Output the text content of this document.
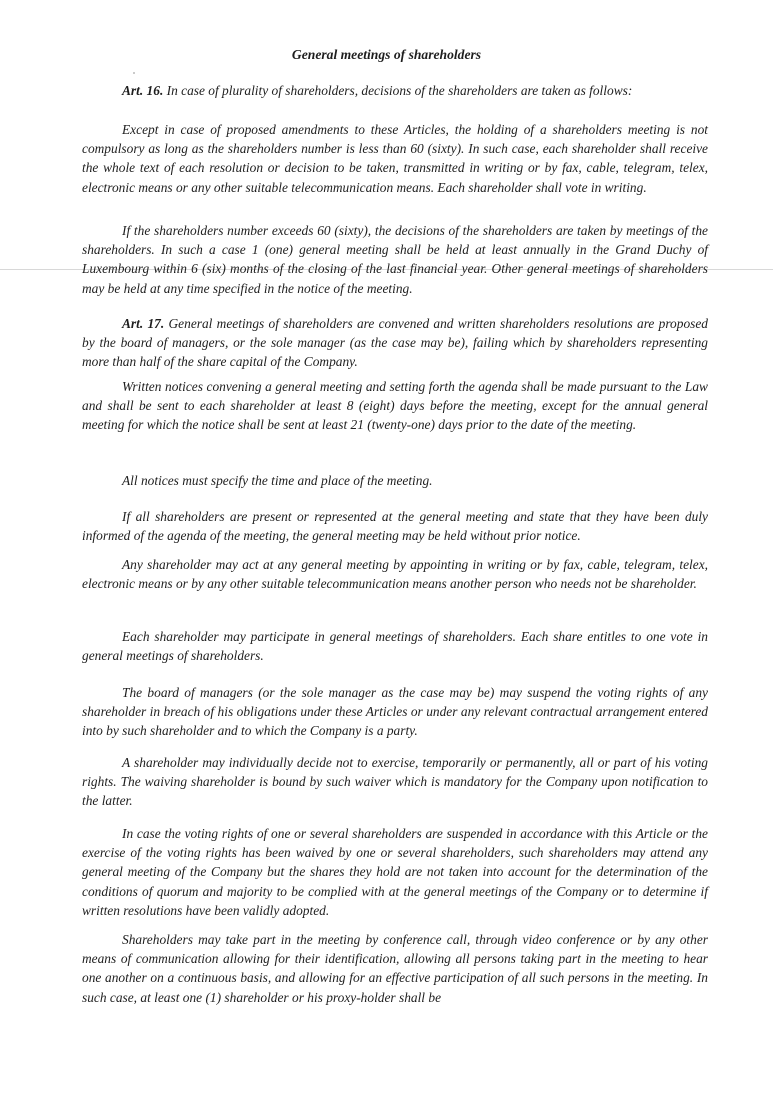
General meetings of shareholders

Art. 16. In case of plurality of shareholders, decisions of the shareholders are taken as follows:

Except in case of proposed amendments to these Articles, the holding of a shareholders meeting is not compulsory as long as the shareholders number is less than 60 (sixty). In such case, each shareholder shall receive the whole text of each resolution or decision to be taken, transmitted in writing or by fax, cable, telegram, telex, electronic means or any other suitable telecommunication means. Each shareholder shall vote in writing.

If the shareholders number exceeds 60 (sixty), the decisions of the shareholders are taken by meetings of the shareholders. In such a case 1 (one) general meeting shall be held at least annually in the Grand Duchy of Luxembourg within 6 (six) months of the closing of the last financial year. Other general meetings of shareholders may be held at any time specified in the notice of the meeting.

Art. 17. General meetings of shareholders are convened and written shareholders resolutions are proposed by the board of managers, or the sole manager (as the case may be), failing which by shareholders representing more than half of the share capital of the Company.

Written notices convening a general meeting and setting forth the agenda shall be made pursuant to the Law and shall be sent to each shareholder at least 8 (eight) days before the meeting, except for the annual general meeting for which the notice shall be sent at least 21 (twenty-one) days prior to the date of the meeting.

All notices must specify the time and place of the meeting.

If all shareholders are present or represented at the general meeting and state that they have been duly informed of the agenda of the meeting, the general meeting may be held without prior notice.

Any shareholder may act at any general meeting by appointing in writing or by fax, cable, telegram, telex, electronic means or by any other suitable telecommunication means another person who needs not be shareholder.

Each shareholder may participate in general meetings of shareholders. Each share entitles to one vote in general meetings of shareholders.

The board of managers (or the sole manager as the case may be) may suspend the voting rights of any shareholder in breach of his obligations under these Articles or under any relevant contractual arrangement entered into by such shareholder and to which the Company is a party.

A shareholder may individually decide not to exercise, temporarily or permanently, all or part of his voting rights. The waiving shareholder is bound by such waiver which is mandatory for the Company upon notification to the latter.

In case the voting rights of one or several shareholders are suspended in accordance with this Article or the exercise of the voting rights has been waived by one or several shareholders, such shareholders may attend any general meeting of the Company but the shares they hold are not taken into account for the determination of the conditions of quorum and majority to be complied with at the general meetings of the Company or to determine if written resolutions have been validly adopted.

Shareholders may take part in the meeting by conference call, through video conference or by any other means of communication allowing for their identification, allowing all persons taking part in the meeting to hear one another on a continuous basis, and allowing for an effective participation of all such persons in the meeting. In such case, at least one (1) shareholder or his proxy-holder shall be
